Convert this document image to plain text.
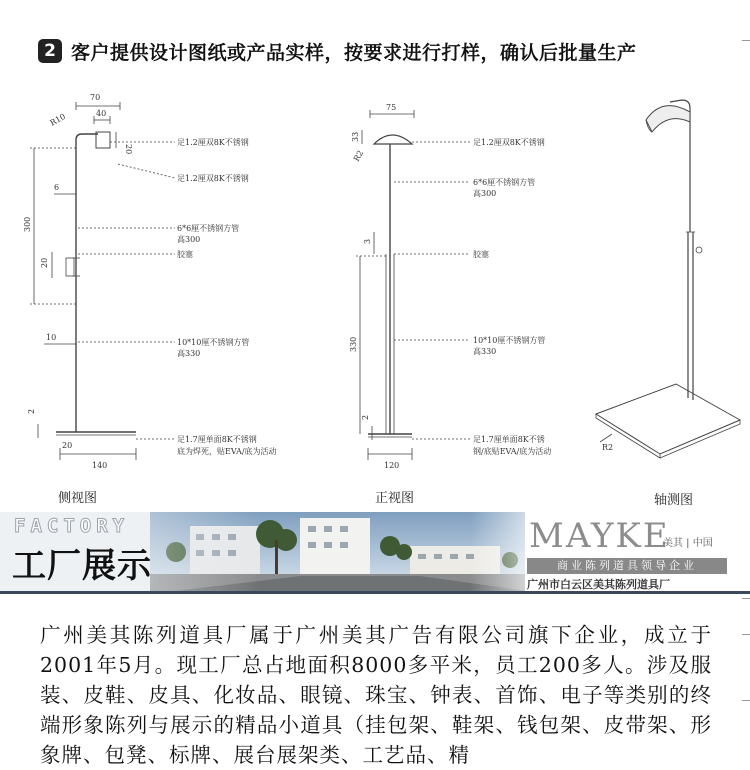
2 客户提供设计图纸或产品实样，按要求进行打样，确认后批量生产
70
40
R10
20
6
300
20
10
2
20
140
足1.2厘双8K不锈钢
足1.2厘双8K不锈钢
6*6厘不锈钢方管
高300
胶塞
10*10厘不锈钢方管
高330
足1.7厘单面8K不锈钢
底为焊死，贴EVA/底为活动
75
33
R2
3
330
2
120
足1.2厘双8K不锈钢
6*6厘不锈钢方管
高300
胶塞
10*10厘不锈钢方管
高330
足1.7厘单面8K不锈
钢/底贴EVA/底为活动	R2
侧视图	正视图	轴测图
FACTORY
工厂展示
MAYKE
美其 | 中国
商业陈列道具领导企业
广州市白云区美其陈列道具厂
广州美其陈列道具厂属于广州美其广告有限公司旗下企业，成立于2001年5月。现工厂总占地面积8000多平米，员工200多人。涉及服装、皮鞋、皮具、化妆品、眼镜、珠宝、钟表、首饰、电子等类别的终端形象陈列与展示的精品小道具（挂包架、鞋架、钱包架、皮带架、形象牌、包凳、标牌、展台展架类、工艺品、精
